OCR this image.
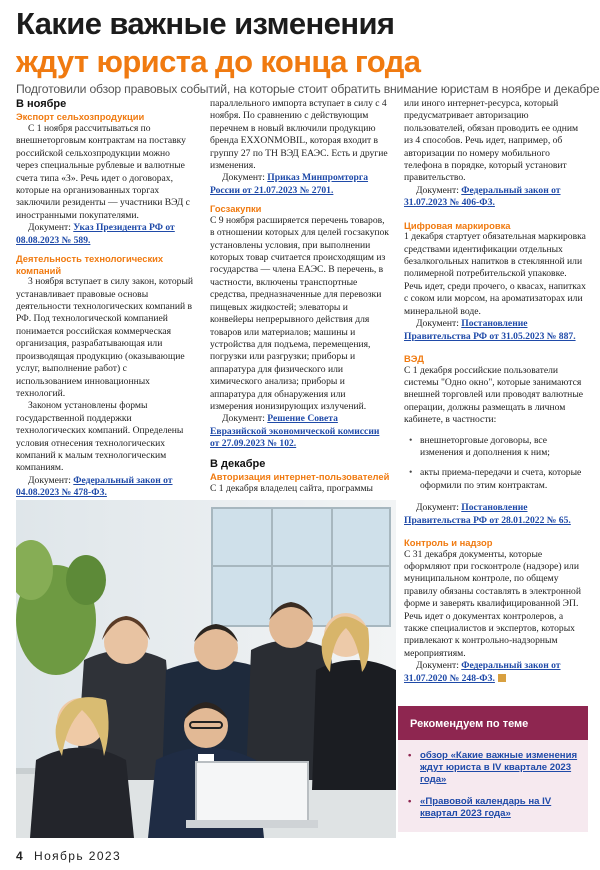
Какие важные изменения
ждут юриста до конца года
Подготовили обзор правовых событий, на которые стоит обратить внимание юристам в ноябре и декабре
В ноябре
Экспорт сельхозпродукции

С 1 ноября рассчитываться по внешнеторговым контрактам на поставку российской сельхозпродукции можно через специальные рублевые и валютные счета типа «З». Речь идет о договорах, которые на организованных торгах заключили резиденты — участники ВЭД с иностранными покупателями.

Документ: Указ Президента РФ от 08.08.2023 № 589.
Деятельность технологических компаний

3 ноября вступает в силу закон, который устанавливает правовые основы деятельности технологических компаний в РФ. Под технологической компанией понимается российская коммерческая организация, разрабатывающая или производящая продукцию (оказывающие услуг, выполнение работ) с использованием инновационных технологий.

Законом установлены формы государственной поддержки технологических компаний. Определены условия отнесения технологических компаний к малым технологическим компаниям.

Документ: Федеральный закон от 04.08.2023 № 478-ФЗ.

параллельного импорта вступает в силу с 4 ноября. По сравнению с действующим перечнем в новый включили продукцию бренда EXXONMOBIL, которая входит в группу 27 по ТН ВЭД ЕАЭС. Есть и другие изменения.

Документ: Приказ Минпромторга России от 21.07.2023 № 2701.
Госзакупки

С 9 ноября расширяется перечень товаров, в отношении которых для целей госзакупок установлены условия, при выполнении которых товар считается происходящим из государства — члена ЕАЭС. В перечень, в частности, включены транспортные средства, предназначенные для перевозки пищевых жидкостей; элеваторы и конвейеры непрерывного действия для товаров или материалов; машины и устройства для подъема, перемещения, погрузки или разгрузки; приборы и аппаратура для физического или химического анализа; приборы и аппаратура для обнаружения или измерения ионизирующих излучений.

Документ: Решение Совета Евразийской экономической комиссии от 27.09.2023 № 102.
В декабре
Авторизация интернет-пользователей

С 1 декабря владелец сайта, программы

или иного интернет-ресурса, который предусматривает авторизацию пользователей, обязан проводить ее одним из 4 способов. Речь идет, например, об авторизации по номеру мобильного телефона в порядке, который установит правительство.

Документ: Федеральный закон от 31.07.2023 № 406-ФЗ.
Цифровая маркировка

1 декабря стартует обязательная маркировка средствами идентификации отдельных безалкогольных напитков в стеклянной или полимерной потребительской упаковке. Речь идет, среди прочего, о квасах, напитках с соком или морсом, на ароматизаторах или минеральной воде.

Документ: Постановление Правительства РФ от 31.05.2023 № 887.
ВЭД

С 1 декабря российские пользователи системы "Одно окно", которые занимаются внешней торговлей или проводят валютные операции, должны размещать в личном кабинете, в частности:

• внешнеторговые договоры, все изменения и дополнения к ним;
• акты приема-передачи и счета, которые оформили по этим контрактам.
Документ: Постановление Правительства РФ от 28.01.2022 № 65.
Контроль и надзор

С 31 декабря документы, которые оформляют при госконтроле (надзоре) или муниципальном контроле, по общему правилу обязаны составлять в электронной форме и заверять квалифицированной ЭП. Речь идет о документах контролеров, а также специалистов и экспертов, которых привлекают к контрольно-надзорным мероприятиям.

Документ: Федеральный закон от 31.07.2020 № 248-ФЗ.
Рекомендуем по теме
• обзор «Какие важные изменения ждут юриста в IV квартале 2023 года»
• «Правовой календарь на IV квартал 2023 года»
4 Ноябрь 2023
